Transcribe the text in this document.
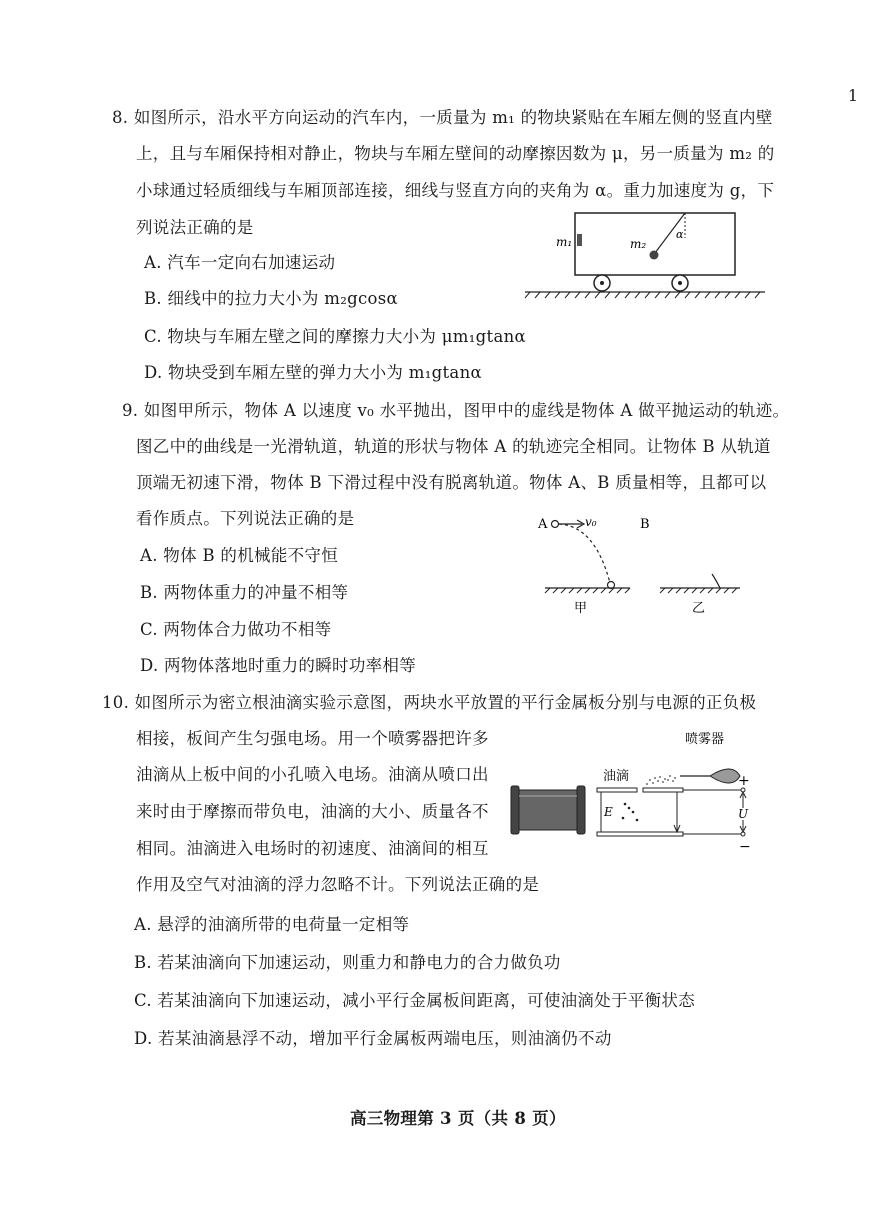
1
8. 如图所示，沿水平方向运动的汽车内，一质量为 m₁ 的物块紧贴在车厢左侧的竖直内壁
上，且与车厢保持相对静止，物块与车厢左壁间的动摩擦因数为 μ，另一质量为 m₂ 的
小球通过轻质细线与车厢顶部连接，细线与竖直方向的夹角为 α。重力加速度为 g，下
列说法正确的是
A. 汽车一定向右加速运动
B. 细线中的拉力大小为 m₂gcosα
C. 物块与车厢左壁之间的摩擦力大小为 μm₁gtanα
D. 物块受到车厢左壁的弹力大小为 m₁gtanα
m₁	m₂
α
9. 如图甲所示，物体 A 以速度 v₀ 水平抛出，图甲中的虚线是物体 A 做平抛运动的轨迹。
图乙中的曲线是一光滑轨道，轨道的形状与物体 A 的轨迹完全相同。让物体 B 从轨道
顶端无初速下滑，物体 B 下滑过程中没有脱离轨道。物体 A、B 质量相等，且都可以
看作质点。下列说法正确的是
A. 物体 B 的机械能不守恒
B. 两物体重力的冲量不相等
C. 两物体合力做功不相等
D. 两物体落地时重力的瞬时功率相等
A	v₀	B
甲	乙
10. 如图所示为密立根油滴实验示意图，两块水平放置的平行金属板分别与电源的正负极
相接，板间产生匀强电场。用一个喷雾器把许多
油滴从上板中间的小孔喷入电场。油滴从喷口出
来时由于摩擦而带负电，油滴的大小、质量各不
相同。油滴进入电场时的初速度、油滴间的相互
作用及空气对油滴的浮力忽略不计。下列说法正确的是
A. 悬浮的油滴所带的电荷量一定相等
B. 若某油滴向下加速运动，则重力和静电力的合力做负功
C. 若某油滴向下加速运动，减小平行金属板间距离，可使油滴处于平衡状态
D. 若某油滴悬浮不动，增加平行金属板两端电压，则油滴仍不动
喷雾器
油滴
E	U
+
−
高三物理第 3 页（共 8 页）
